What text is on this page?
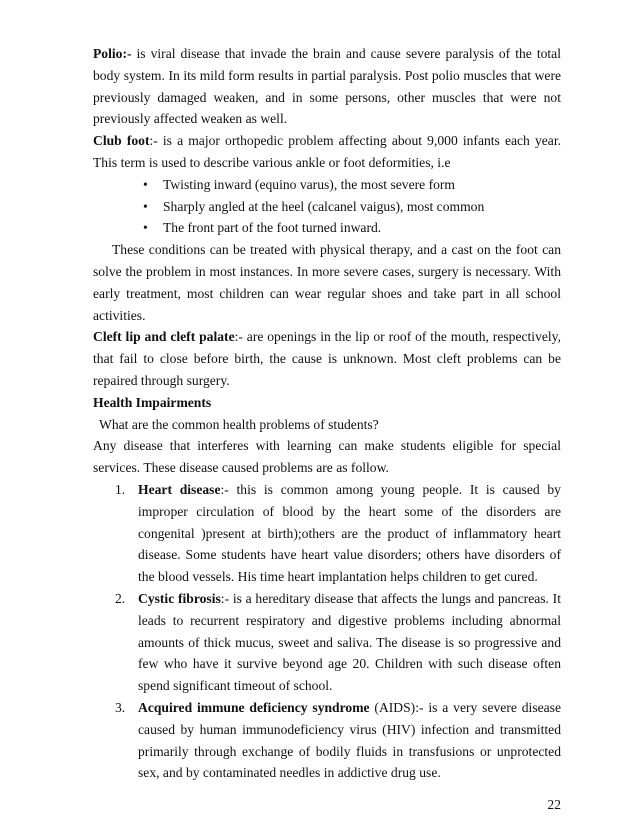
Polio:- is viral disease that invade the brain and cause severe paralysis of the total body system. In its mild form results in partial paralysis. Post polio muscles that were previously damaged weaken, and in some persons, other muscles that were not previously affected weaken as well.

Club foot:- is a major orthopedic problem affecting about 9,000 infants each year. This term is used to describe various ankle or foot deformities, i.e

•	Twisting inward (equino varus), the most severe form
•	Sharply angled at the heel (calcanel vaigus), most common
•	The front part of the foot turned inward.

These conditions can be treated with physical therapy, and a cast on the foot can solve the problem in most instances. In more severe cases, surgery is necessary. With early treatment, most children can wear regular shoes and take part in all school activities.

Cleft lip and cleft palate:- are openings in the lip or roof of the mouth, respectively, that fail to close before birth, the cause is unknown. Most cleft problems can be repaired through surgery.

Health Impairments

What are the common health problems of students?

Any disease that interferes with learning can make students eligible for special services. These disease caused problems are as follow.

1. Heart disease:- this is common among young people. It is caused by improper circulation of blood by the heart some of the disorders are congenital )present at birth);others are the product of inflammatory heart disease. Some students have heart value disorders; others have disorders of the blood vessels. His time heart implantation helps children to get cured.
2. Cystic fibrosis:- is a hereditary disease that affects the lungs and pancreas. It leads to recurrent respiratory and digestive problems including abnormal amounts of thick mucus, sweet and saliva. The disease is so progressive and few who have it survive beyond age 20. Children with such disease often spend significant timeout of school.
3. Acquired immune deficiency syndrome (AIDS):- is a very severe disease caused by human immunodeficiency virus (HIV) infection and transmitted primarily through exchange of bodily fluids in transfusions or unprotected sex, and by contaminated needles in addictive drug use.
22
